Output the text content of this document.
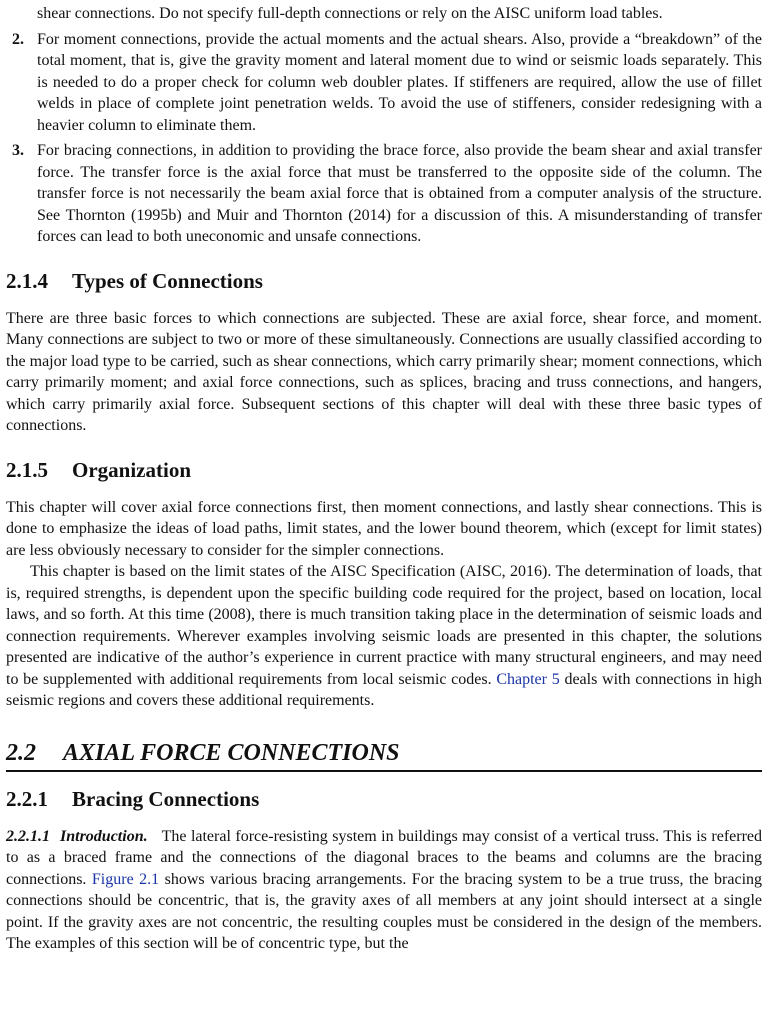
shear connections. Do not specify full-depth connections or rely on the AISC uniform load tables.

2. For moment connections, provide the actual moments and the actual shears. Also, provide a “breakdown” of the total moment, that is, give the gravity moment and lateral moment due to wind or seismic loads separately. This is needed to do a proper check for column web doubler plates. If stiffeners are required, allow the use of fillet welds in place of complete joint penetration welds. To avoid the use of stiffeners, consider redesigning with a heavier column to eliminate them.

3. For bracing connections, in addition to providing the brace force, also provide the beam shear and axial transfer force. The transfer force is the axial force that must be transferred to the opposite side of the column. The transfer force is not necessarily the beam axial force that is obtained from a computer analysis of the structure. See Thornton (1995b) and Muir and Thornton (2014) for a discussion of this. A misunderstanding of transfer forces can lead to both uneconomic and unsafe connections.

2.1.4 Types of Connections

There are three basic forces to which connections are subjected. These are axial force, shear force, and moment. Many connections are subject to two or more of these simultaneously. Connections are usually classified according to the major load type to be carried, such as shear connections, which carry primarily shear; moment connections, which carry primarily moment; and axial force connections, such as splices, bracing and truss connections, and hangers, which carry primarily axial force. Subsequent sections of this chapter will deal with these three basic types of connections.

2.1.5 Organization

This chapter will cover axial force connections first, then moment connections, and lastly shear connections. This is done to emphasize the ideas of load paths, limit states, and the lower bound theorem, which (except for limit states) are less obviously necessary to consider for the simpler connections.

This chapter is based on the limit states of the AISC Specification (AISC, 2016). The determination of loads, that is, required strengths, is dependent upon the specific building code required for the project, based on location, local laws, and so forth. At this time (2008), there is much transition taking place in the determination of seismic loads and connection requirements. Wherever examples involving seismic loads are presented in this chapter, the solutions presented are indicative of the author’s experience in current practice with many structural engineers, and may need to be supplemented with additional requirements from local seismic codes. Chapter 5 deals with connections in high seismic regions and covers these additional requirements.

2.2 AXIAL FORCE CONNECTIONS
2.2.1 Bracing Connections

2.2.1.1 Introduction. The lateral force-resisting system in buildings may consist of a vertical truss. This is referred to as a braced frame and the connections of the diagonal braces to the beams and columns are the bracing connections. Figure 2.1 shows various bracing arrangements. For the bracing system to be a true truss, the bracing connections should be concentric, that is, the gravity axes of all members at any joint should intersect at a single point. If the gravity axes are not concentric, the resulting couples must be considered in the design of the members. The examples of this section will be of concentric type, but the
